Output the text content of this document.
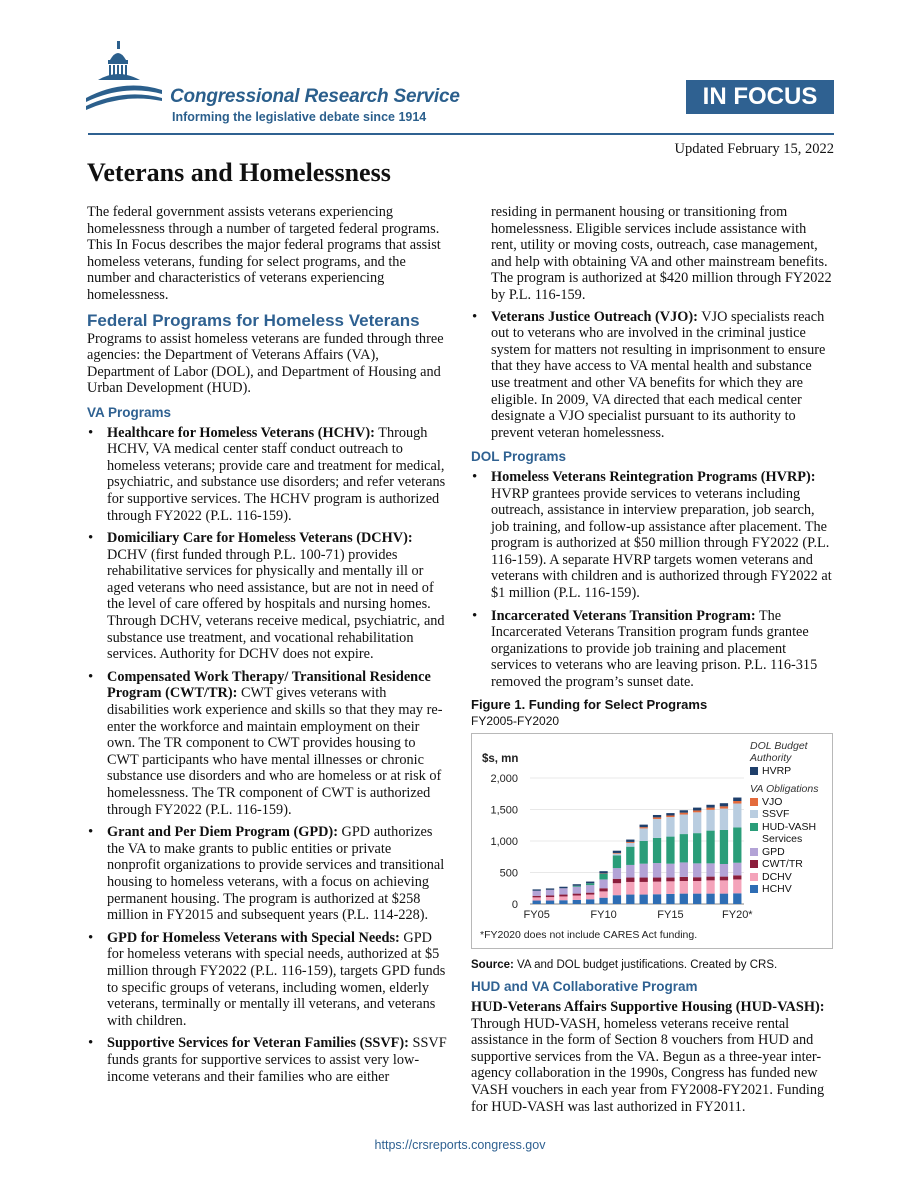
Congressional Research Service
Informing the legislative debate since 1914
IN FOCUS
Updated February 15, 2022
Veterans and Homelessness

The federal government assists veterans experiencing homelessness through a number of targeted federal programs. This In Focus describes the major federal programs that assist homeless veterans, funding for select programs, and the number and characteristics of veterans experiencing homelessness.

Federal Programs for Homeless Veterans

Programs to assist homeless veterans are funded through three agencies: the Department of Veterans Affairs (VA), Department of Labor (DOL), and Department of Housing and Urban Development (HUD).

VA Programs
• Healthcare for Homeless Veterans (HCHV): Through HCHV, VA medical center staff conduct outreach to homeless veterans; provide care and treatment for medical, psychiatric, and substance use disorders; and refer veterans for supportive services. The HCHV program is authorized through FY2022 (P.L. 116-159).
• Domiciliary Care for Homeless Veterans (DCHV): DCHV (first funded through P.L. 100-71) provides rehabilitative services for physically and mentally ill or aged veterans who need assistance, but are not in need of the level of care offered by hospitals and nursing homes. Through DCHV, veterans receive medical, psychiatric, and substance use treatment, and vocational rehabilitation services. Authority for DCHV does not expire.
• Compensated Work Therapy/ Transitional Residence Program (CWT/TR): CWT gives veterans with disabilities work experience and skills so that they may re-enter the workforce and maintain employment on their own. The TR component to CWT provides housing to CWT participants who have mental illnesses or chronic substance use disorders and who are homeless or at risk of homelessness. The TR component of CWT is authorized through FY2022 (P.L. 116-159).
• Grant and Per Diem Program (GPD): GPD authorizes the VA to make grants to public entities or private nonprofit organizations to provide services and transitional housing to homeless veterans, with a focus on achieving permanent housing. The program is authorized at $258 million in FY2015 and subsequent years (P.L. 114-228).
• GPD for Homeless Veterans with Special Needs: GPD for homeless veterans with special needs, authorized at $5 million through FY2022 (P.L. 116-159), targets GPD funds to specific groups of veterans, including women, elderly veterans, terminally or mentally ill veterans, and veterans with children.
• Supportive Services for Veteran Families (SSVF): SSVF funds grants for supportive services to assist very low-income veterans and their families who are either

residing in permanent housing or transitioning from homelessness. Eligible services include assistance with rent, utility or moving costs, outreach, case management, and help with obtaining VA and other mainstream benefits. The program is authorized at $420 million through FY2022 by P.L. 116-159.

• Veterans Justice Outreach (VJO): VJO specialists reach out to veterans who are involved in the criminal justice system for matters not resulting in imprisonment to ensure that they have access to VA mental health and substance use treatment and other VA benefits for which they are eligible. In 2009, VA directed that each medical center designate a VJO specialist pursuant to its authority to prevent veteran homelessness.
DOL Programs
• Homeless Veterans Reintegration Programs (HVRP): HVRP grantees provide services to veterans including outreach, assistance in interview preparation, job search, job training, and follow-up assistance after placement. The program is authorized at $50 million through FY2022 (P.L. 116-159). A separate HVRP targets women veterans and veterans with children and is authorized through FY2022 at $1 million (P.L. 116-159).
• Incarcerated Veterans Transition Program: The Incarcerated Veterans Transition program funds grantee organizations to provide job training and placement services to veterans who are leaving prison. P.L. 116-315 removed the program’s sunset date.
Figure 1. Funding for Select Programs
FY2005-FY2020
$s, mn
2,000
1,500
1,000
500
0
FY05	FY10	FY15	FY20*
*FY2020 does not include CARES Act funding.
DOL Budget Authority
HVRP
VA Obligations
VJO
SSVF
HUD-VASH Services
GPD
CWT/TR
DCHV
HCHV
Source: VA and DOL budget justifications. Created by CRS.
HUD and VA Collaborative Program

HUD-Veterans Affairs Supportive Housing (HUD-VASH): Through HUD-VASH, homeless veterans receive rental assistance in the form of Section 8 vouchers from HUD and supportive services from the VA. Begun as a three-year inter-agency collaboration in the 1990s, Congress has funded new VASH vouchers in each year from FY2008-FY2021. Funding for HUD-VASH was last authorized in FY2011.

https://crsreports.congress.gov
